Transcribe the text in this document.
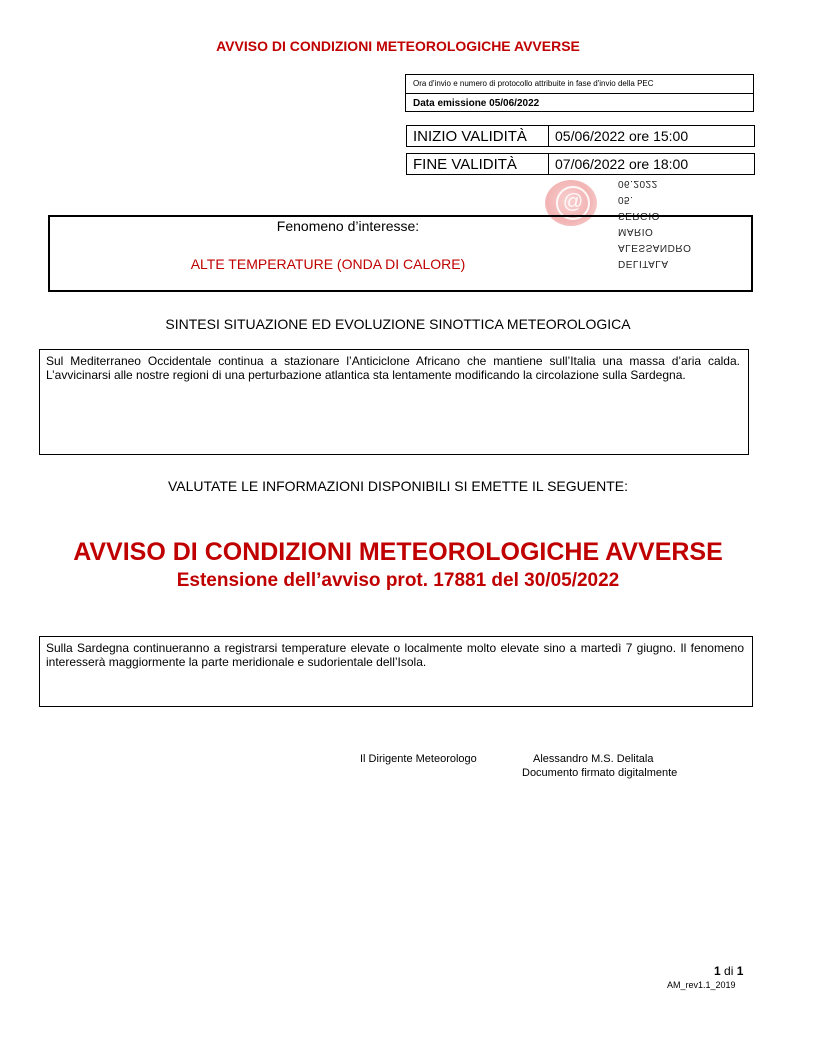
AVVISO DI CONDIZIONI METEOROLOGICHE AVVERSE
Ora d'invio e numero di protocollo attribuite in fase d'invio della PEC
Data emissione 05/06/2022
INIZIO VALIDITÀ	05/06/2022 ore 15:00

FINE VALIDITÀ	07/06/2022 ore 18:00
@
06.2022
05.
SERGIO
MARIO
ALESSANDRO
DELITALA
Fenomeno d’interesse:
ALTE TEMPERATURE (ONDA DI CALORE)
SINTESI SITUAZIONE ED EVOLUZIONE SINOTTICA METEOROLOGICA
Sul Mediterraneo Occidentale continua a stazionare l’Anticiclone Africano che mantiene sull’Italia una massa d’aria calda. L’avvicinarsi alle nostre regioni di una perturbazione atlantica sta lentamente modificando la circolazione sulla Sardegna.
VALUTATE LE INFORMAZIONI DISPONIBILI SI EMETTE IL SEGUENTE:
AVVISO DI CONDIZIONI METEOROLOGICHE AVVERSE
Estensione dell’avviso prot. 17881 del 30/05/2022
Sulla Sardegna continueranno a registrarsi temperature elevate o localmente molto elevate sino a martedì 7 giugno. Il fenomeno interesserà maggiormente la parte meridionale e sudorientale dell’Isola.
Il Dirigente Meteorologo	Alessandro M.S. Delitala
Documento firmato digitalmente
1 di 1
AM_rev1.1_2019
